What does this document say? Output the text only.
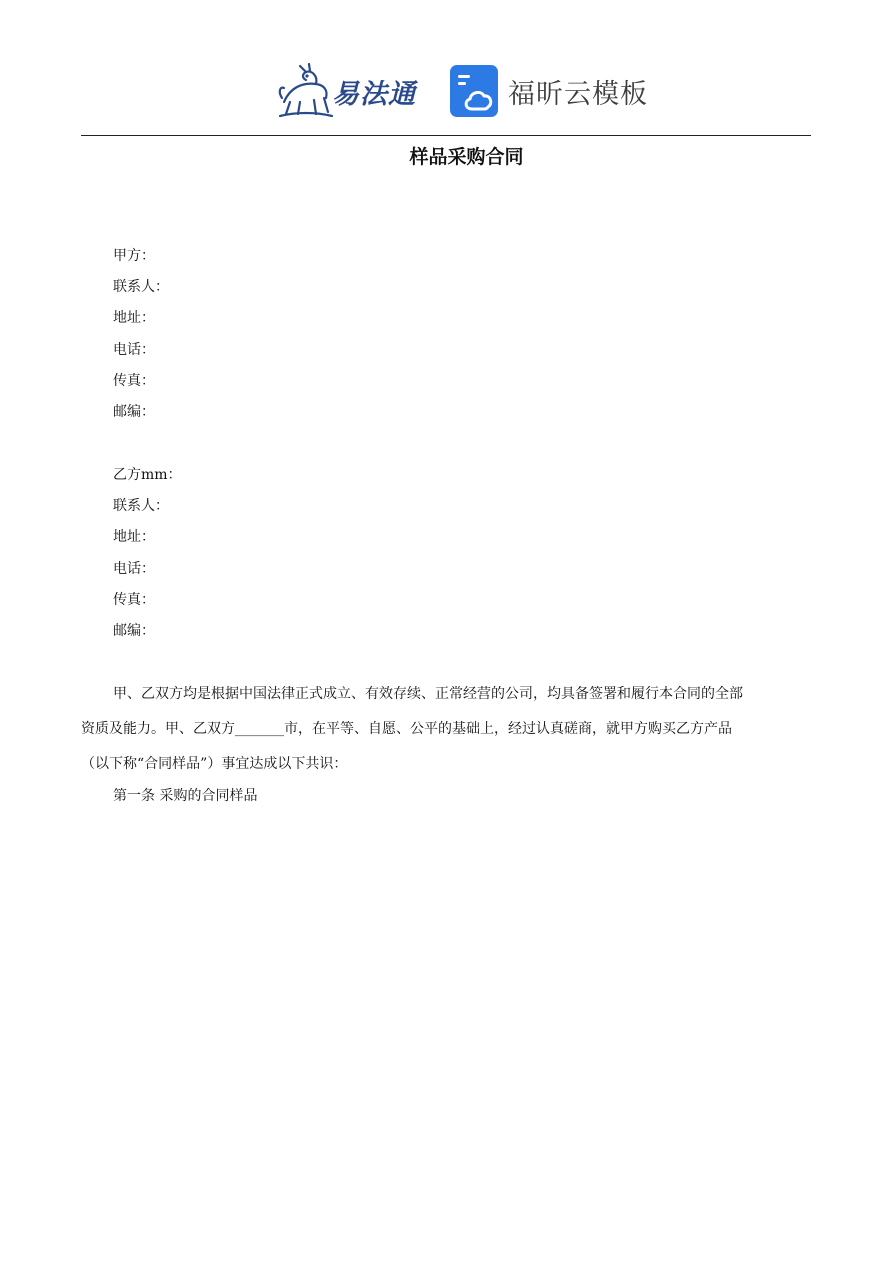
易法通	福昕云模板
样品采购合同
甲方：
联系人：
地址：
电话：
传真：
邮编：
乙方mm：
联系人：
地址：
电话：
传真：
邮编：
甲、乙双方均是根据中国法律正式成立、有效存续、正常经营的公司，均具备签署和履行本合同的全部
资质及能力。甲、乙双方_______市，在平等、自愿、公平的基础上，经过认真磋商，就甲方购买乙方产品
（以下称“合同样品”）事宜达成以下共识：
第一条 采购的合同样品
